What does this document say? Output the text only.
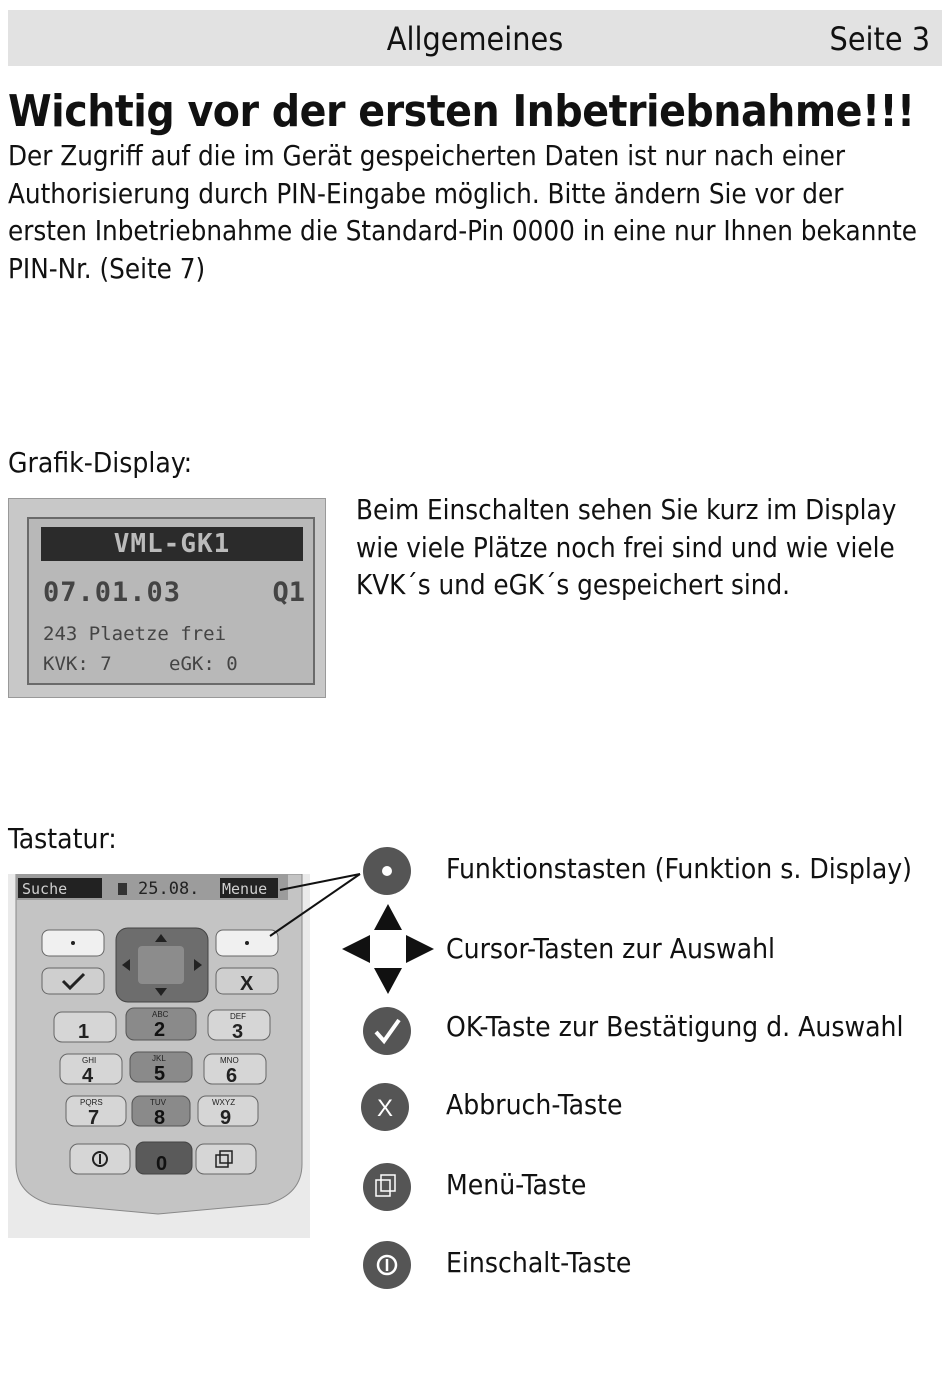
Allgemeines	Seite 3
Wichtig vor der ersten Inbetriebnahme!!!
Der Zugriff auf die im Gerät gespeicherten Daten ist nur nach einer
Authorisierung durch PIN-Eingabe möglich. Bitte ändern Sie vor der
ersten Inbetriebnahme die Standard-Pin 0000 in eine nur Ihnen bekannte
PIN-Nr. (Seite 7)
Grafik-Display:
VML-GK1
07.01.03	Q1
243 Plaetze frei
KVK: 7	eGK: 0
Beim Einschalten sehen Sie kurz im Display
wie viele Plätze noch frei sind und wie viele
KVK´s und eGK´s gespeichert sind.
Tastatur:
Suche	25.08. Menue
X
1
ABC
2
DEF
3
GHI
4
JKL
5
MNO
6
PQRS
7
TUV
8
WXYZ
9
0
X
Funktionstasten (Funktion s. Display)
Cursor-Tasten zur Auswahl
OK-Taste zur Bestätigung d. Auswahl
Abbruch-Taste
Menü-Taste
Einschalt-Taste
